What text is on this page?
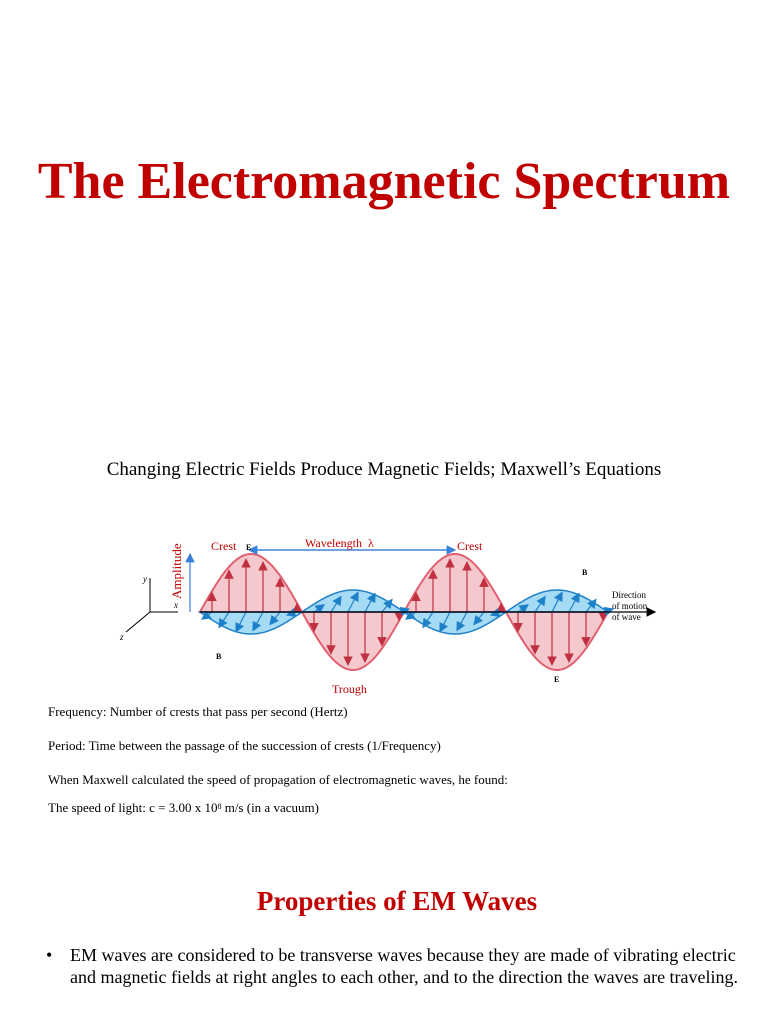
The Electromagnetic Spectrum

Changing Electric Fields Produce Magnetic Fields; Maxwell’s Equations

y
x
z
Amplitude Crest	Wavelength  λ	Crest
Trough
E
B
B
E
Direction
of motion
of wave

Frequency: Number of crests that pass per second (Hertz)

Period: Time between the passage of the succession of crests (1/Frequency)

When Maxwell calculated the speed of propagation of electromagnetic waves, he found:

The speed of light: c = 3.00 x $10^8$ m/s (in a vacuum)

Properties of EM Waves

• EM waves are considered to be transverse waves because they are made of vibrating electric and magnetic fields at right angles to each other, and to the direction the waves are traveling.
